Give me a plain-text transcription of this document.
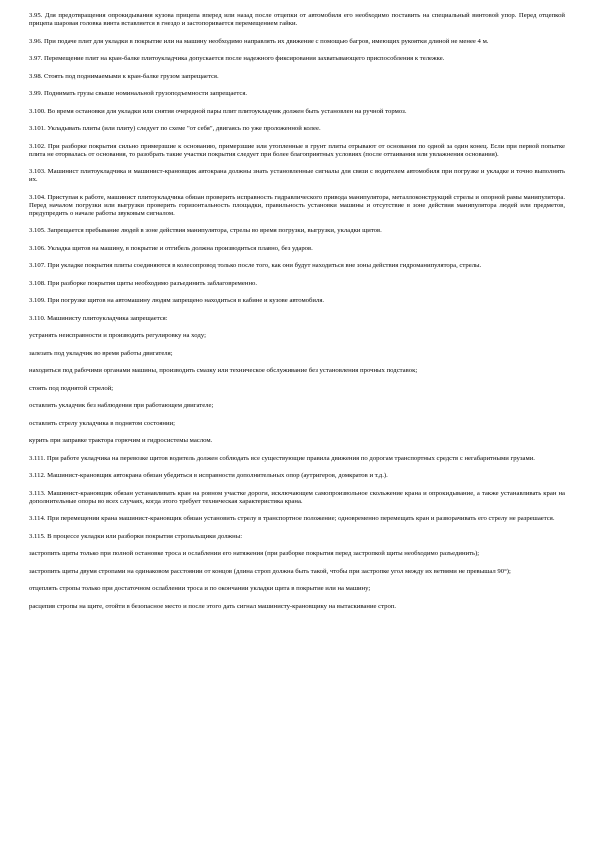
3.95. Для предотвращения опрокидывания кузова прицепа вперед или назад после отцепки от автомобиля его необходимо поставить на специальный винтовой упор. Перед отцепкой прицепа шаровая головка винта вставляется в гнездо и застопоривается перемещением гайки.

3.96. При подаче плит для укладки в покрытие или на машину необходимо направлять их движение с помощью багров, имеющих рукоятки длиной не менее 4 м.

3.97. Перемещение плит на кран-балке плитоукладчика допускается после надежного фиксирования захватывающего приспособления к тележке.

3.98. Стоять под поднимаемыми к кран-балке грузом запрещается.

3.99. Поднимать грузы свыше номинальной грузоподъемности запрещается.

3.100. Во время остановки для укладки или снятия очередной пары плит плитоукладчик должен быть установлен на ручной тормоз.

3.101. Укладывать плиты (или плиту) следует по схеме "от себя", двигаясь по уже проложенной колее.

3.102. При разборке покрытия сильно примерзшие к основанию, примерзшие или утопленные в грунт плиты отрывают от основания по одной за один конец. Если при первой попытке плита не оторвалась от основания, то разобрать такие участки покрытия следует при более благоприятных условиях (после оттаивания или увлажнения основания).

3.103. Машинист плитоукладчика и машинист-крановщик автокрана должны знать установленные сигналы для связи с водителем автомобиля при погрузке и укладке и точно выполнять их.

3.104. Приступая к работе, машинист плитоукладчика обязан проверить исправность гидравлического привода манипулятора, металлоконструкций стрелы и опорной рамы манипулятора. Перед началом погрузки или выгрузки проверить горизонтальность площадки, правильность установки машины и отсутствие в зоне действия манипулятора людей или предметов, предупредить о начале работы звуковым сигналом.

3.105. Запрещается пребывание людей в зоне действия манипулятора, стрелы во время погрузки, выгрузки, укладки щитов.

3.106. Укладка щитов на машину, в покрытие и отгибель должна производиться плавно, без ударов.

3.107. При укладке покрытия плиты соединяются в колесопровод только после того, как они будут находиться вне зоны действия гидроманипулятора, стрелы.

3.108. При разборке покрытия щиты необходимо разъединить заблаговременно.

3.109. При погрузке щитов на автомашину людям запрещено находиться в кабине и кузове автомобиля.

3.110. Машинисту плитоукладчика запрещается:

устранять неисправности и производить регулировку на ходу;

залезать под укладчик во время работы двигателя;

находиться под рабочими органами машины, производить смазку или техническое обслуживание без установления прочных подставок;

стоять под поднятой стрелой;

оставлять укладчик без наблюдения при работающем двигателе;

оставлять стрелу укладчика в поднятом состоянии;

курить при заправке трактора горючим и гидросистемы маслом.

3.111. При работе укладчика на перевозке щитов водитель должен соблюдать все существующие правила движения по дорогам транспортных средств с негабаритными грузами.

3.112. Машинист-крановщик автокрана обязан убедиться в исправности дополнительных опор (аутригеров, домкратов и т.д.).

3.113. Машинист-крановщик обязан устанавливать кран на ровном участке дороги, исключающем самопроизвольное скольжение крана и опрокидывание, а также устанавливать кран на дополнительные опоры во всех случаях, когда этого требует техническая характеристика крана.

3.114. При перемещении крана машинист-крановщик обязан установить стрелу в транспортное положение; одновременно перемещать кран и разворачивать его стрелу не разрешается.

3.115. В процессе укладки или разборки покрытия стропальщики должны:

застропить щиты только при полной остановке троса и ослаблении его натяжения (при разборке покрытия перед застропкой щиты необходимо разъединить);

застропить щиты двумя стропами на одинаковом расстоянии от концов (длина строп должна быть такой, чтобы при застропке угол между их ветвями не превышал 90°);

отцеплять стропы только при достаточном ослаблении троса и по окончании укладки щита в покрытие или на машину;

расцепив стропы на щите, отойти в безопасное место и после этого дать сигнал машинисту-крановщику на вытаскивание строп.
